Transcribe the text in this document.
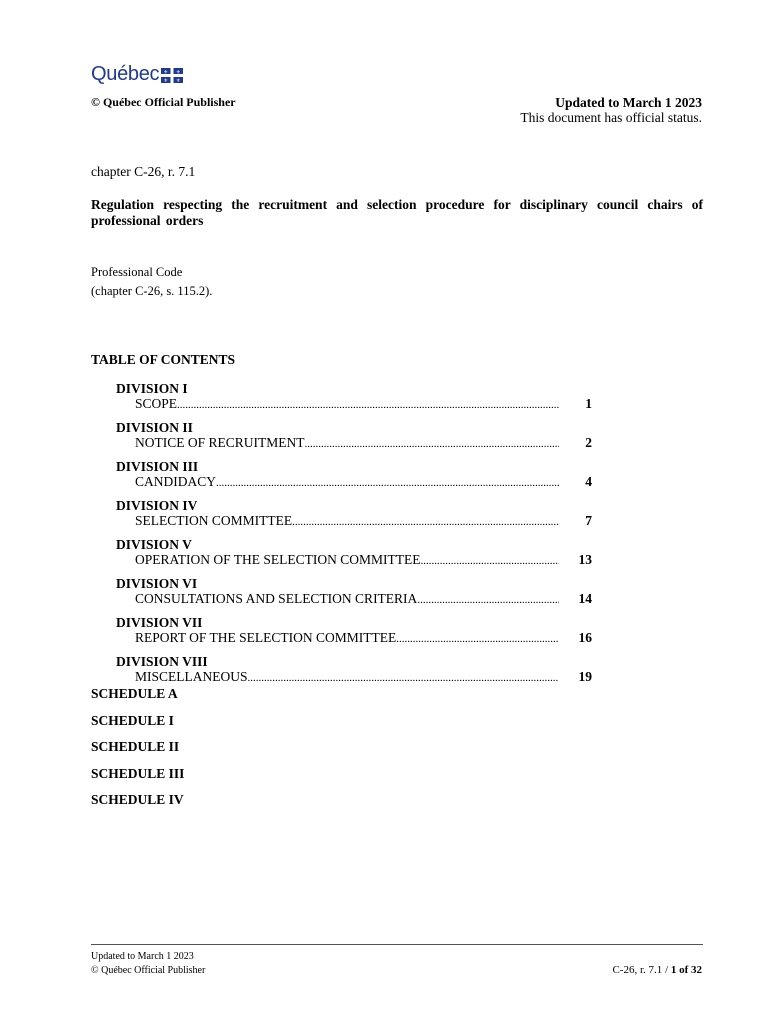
Québec ⚜ ⚜
⚜ ⚜
© Québec Official Publisher	Updated to March 1 2023
This document has official status.
chapter C-26, r. 7.1
Regulation respecting the recruitment and selection procedure for disciplinary council chairs of professional orders
Professional Code
(chapter C-26, s. 115.2).
TABLE OF CONTENTS
DIVISION I
SCOPE .....	1
DIVISION II
NOTICE OF RECRUITMENT .....	2
DIVISION III
CANDIDACY .....	4
DIVISION IV
SELECTION COMMITTEE .....	7
DIVISION V
OPERATION OF THE SELECTION COMMITTEE .....	13
DIVISION VI
CONSULTATIONS AND SELECTION CRITERIA .....	14
DIVISION VII
REPORT OF THE SELECTION COMMITTEE .....	16
DIVISION VIII
MISCELLANEOUS .....	19
SCHEDULE A
SCHEDULE I
SCHEDULE II
SCHEDULE III
SCHEDULE IV
Updated to March 1 2023
© Québec Official Publisher	C-26, r. 7.1 / 1 of 32
